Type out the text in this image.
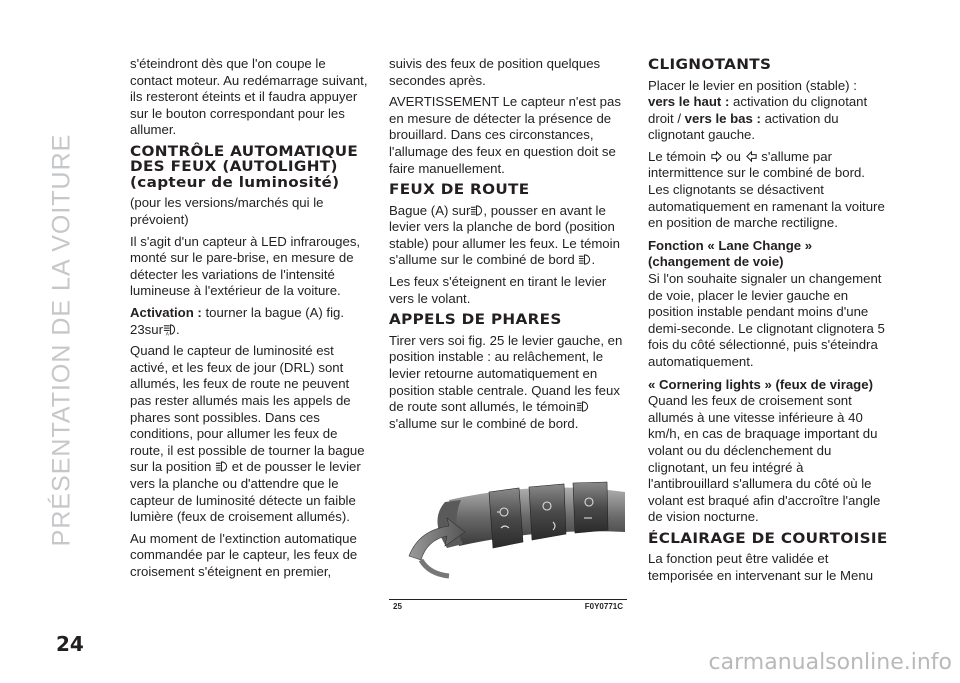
PRÉSENTATION DE LA VOITURE
24

s'éteindront dès que l'on coupe le contact moteur. Au redémarrage suivant, ils resteront éteints et il faudra appuyer sur le bouton correspondant pour les allumer.

CONTRÔLE AUTOMATIQUE DES FEUX (AUTOLIGHT) (capteur de luminosité)

(pour les versions/marchés qui le prévoient)

Il s'agit d'un capteur à LED infrarouges, monté sur le pare-brise, en mesure de détecter les variations de l'intensité lumineuse à l'extérieur de la voiture.

Activation : tourner la bague (A) fig. 23sur A .

Quand le capteur de luminosité est activé, et les feux de jour (DRL) sont allumés, les feux de route ne peuvent pas rester allumés mais les appels de phares sont possibles. Dans ces conditions, pour allumer les feux de route, il est possible de tourner la bague sur la position et de pousser le levier vers la planche ou d'attendre que le capteur de luminosité détecte un faible lumière (feux de croisement allumés).

Au moment de l'extinction automatique commandée par le capteur, les feux de croisement s'éteignent en premier,

suivis des feux de position quelques secondes après.

AVERTISSEMENT Le capteur n'est pas en mesure de détecter la présence de brouillard. Dans ces circonstances, l'allumage des feux en question doit se faire manuellement.

FEUX DE ROUTE

Bague (A) sur , pousser en avant le levier vers la planche de bord (position stable) pour allumer les feux. Le témoin s'allume sur le combiné de bord .

Les feux s'éteignent en tirant le levier vers le volant.

APPELS DE PHARES

Tirer vers soi fig. 25 le levier gauche, en position instable : au relâchement, le levier retourne automatiquement en position stable centrale. Quand les feux de route sont allumés, le témoin
s'allume sur le combiné de bord.

25	F0Y0771C
CLIGNOTANTS

Placer le levier en position (stable) : vers le haut : activation du clignotant droit / vers le bas : activation du clignotant gauche.

Le témoin ou s'allume par intermittence sur le combiné de bord. Les clignotants se désactivent automatiquement en ramenant la voiture en position de marche rectiligne.

Fonction « Lane Change » (changement de voie)

Si l'on souhaite signaler un changement de voie, placer le levier gauche en position instable pendant moins d'une demi-seconde. Le clignotant clignotera 5 fois du côté sélectionné, puis s'éteindra automatiquement.

« Cornering lights » (feux de virage)

Quand les feux de croisement sont allumés à une vitesse inférieure à 40 km/h, en cas de braquage important du volant ou du déclenchement du clignotant, un feu intégré à l'antibrouillard s'allumera du côté où le volant est braqué afin d'accroître l'angle de vision nocturne.

ÉCLAIRAGE DE COURTOISIE

La fonction peut être validée et temporisée en intervenant sur le Menu

carmanualsonline.info
